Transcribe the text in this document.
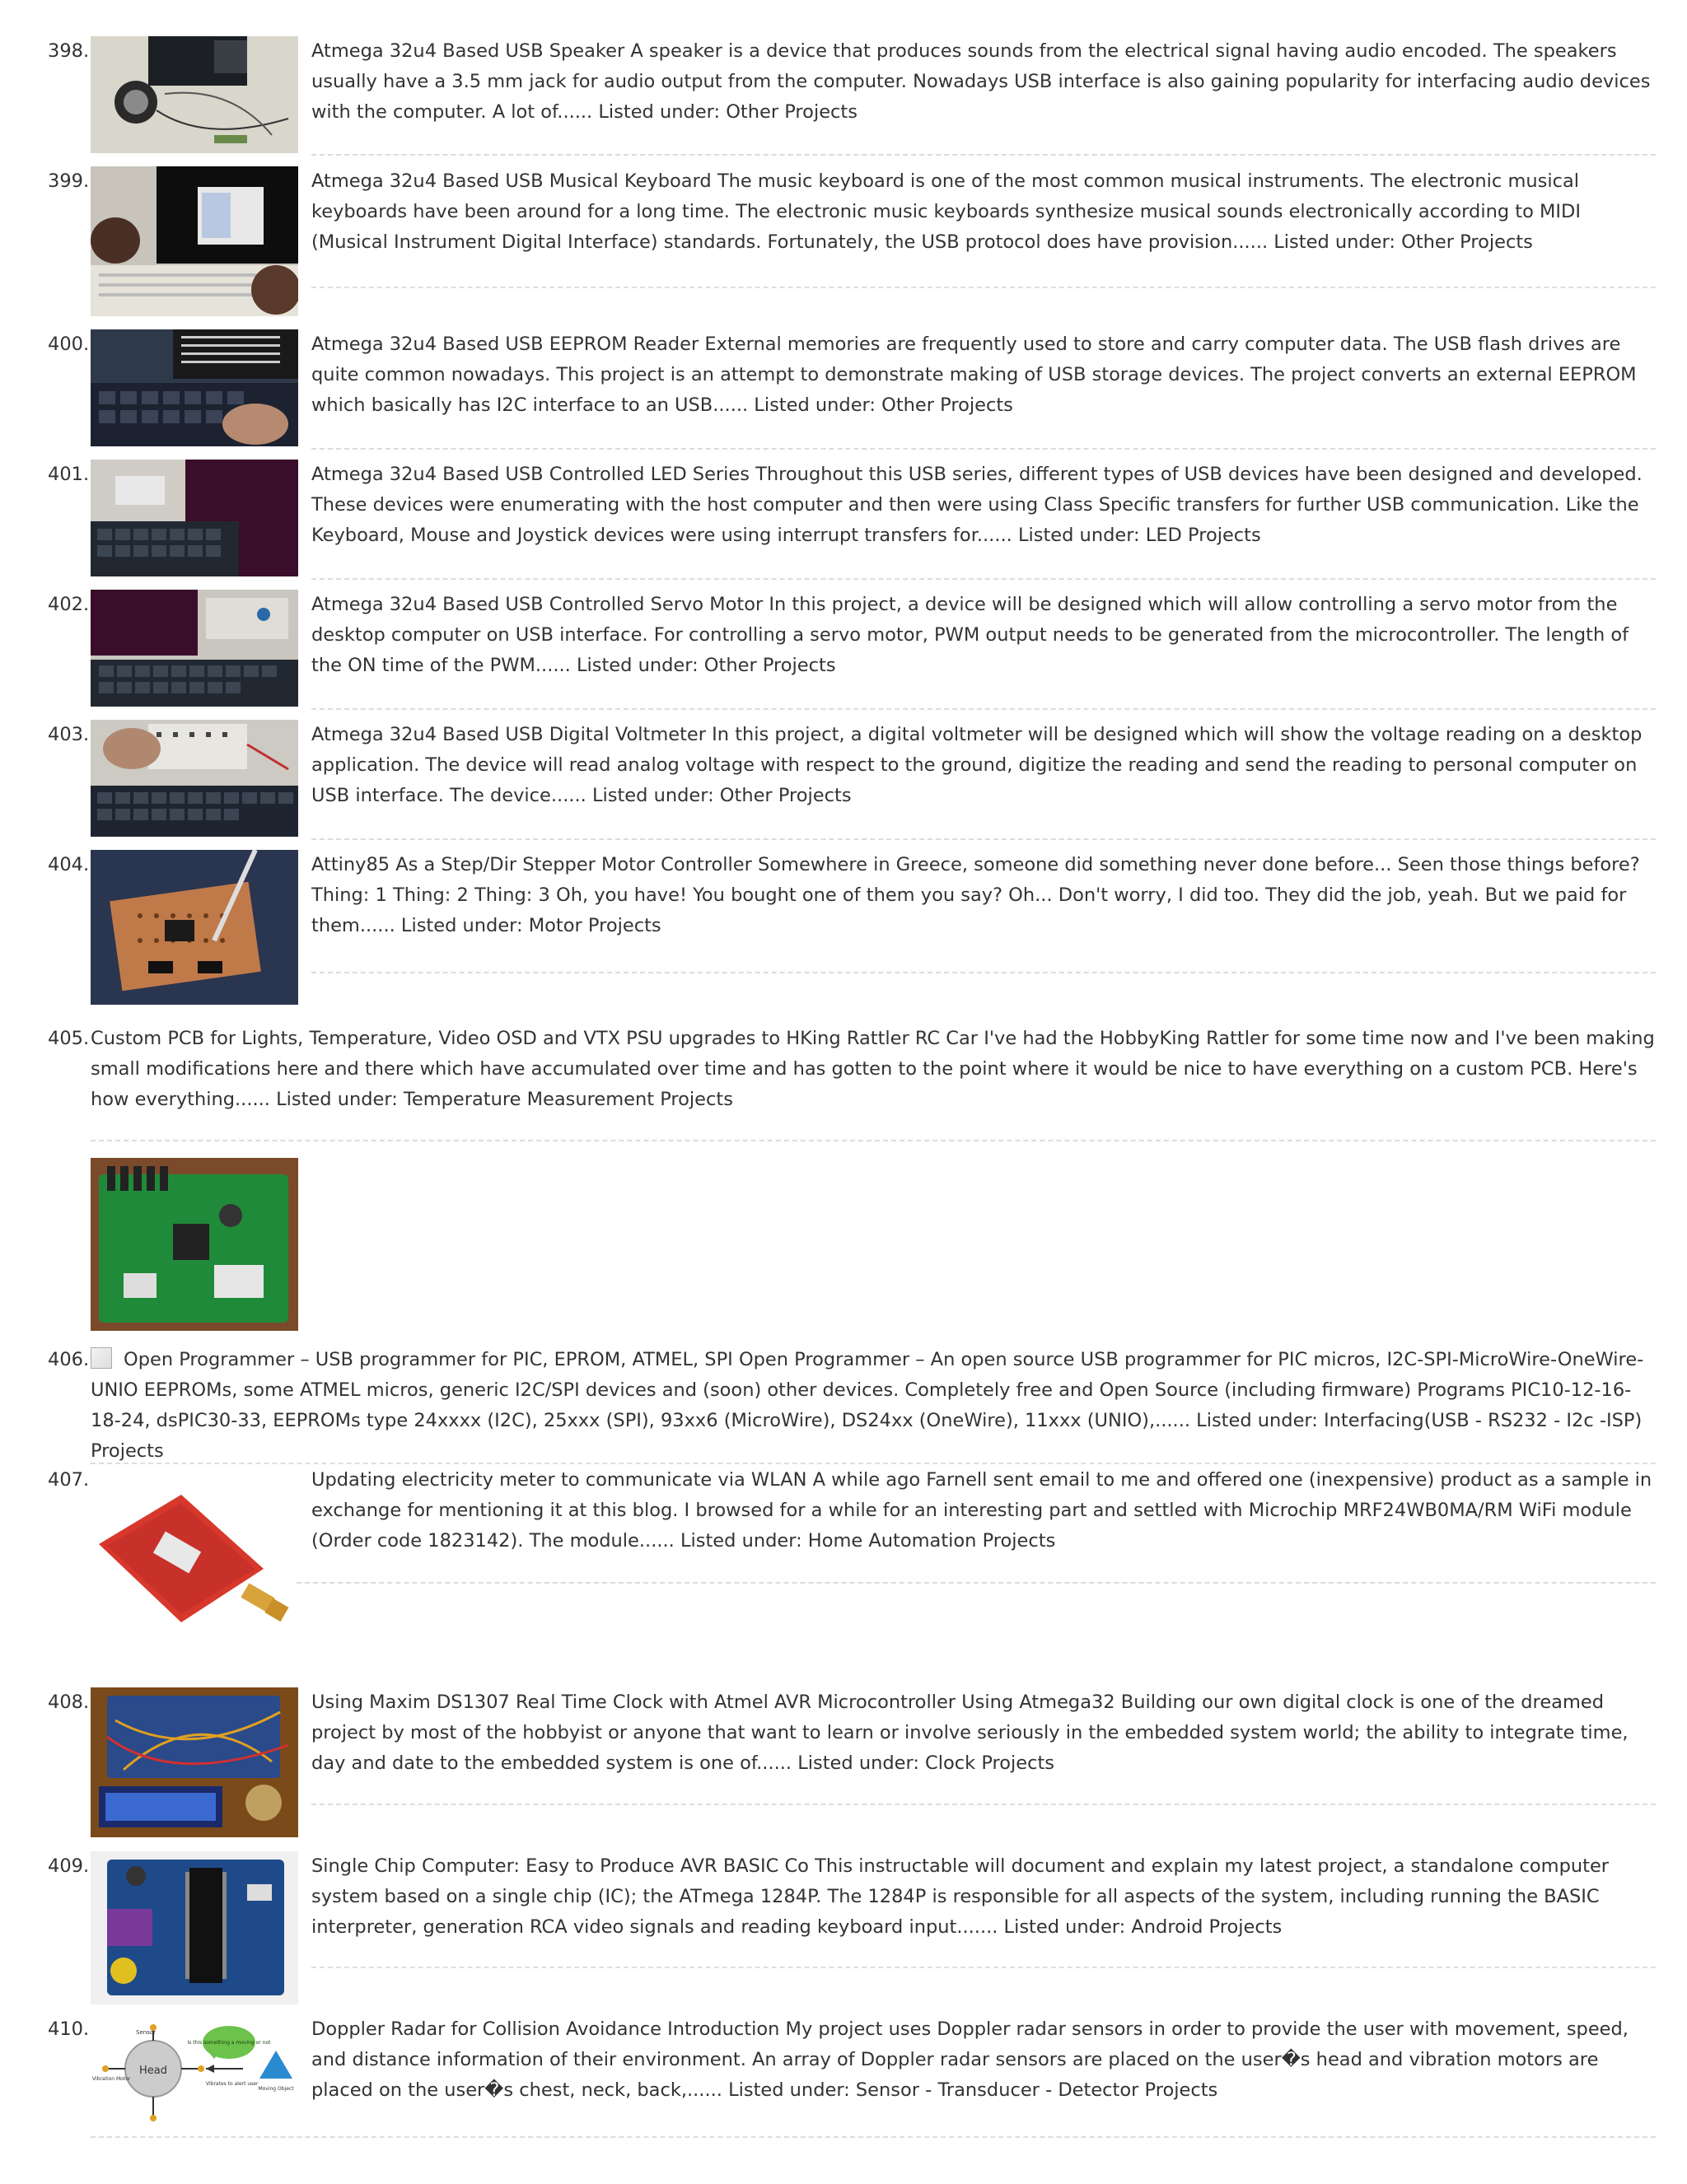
398.	Atmega 32u4 Based USB Speaker A speaker is a device that produces sounds from the electrical signal having audio encoded. The speakers usually have a 3.5 mm jack for audio output from the computer. Nowadays USB interface is also gaining popularity for interfacing audio devices with the computer. A lot of...... Listed under: Other Projects
399.	Atmega 32u4 Based USB Musical Keyboard The music keyboard is one of the most common musical instruments. The electronic musical keyboards have been around for a long time. The electronic music keyboards synthesize musical sounds electronically according to MIDI (Musical Instrument Digital Interface) standards. Fortunately, the USB protocol does have provision...... Listed under: Other Projects
400.	Atmega 32u4 Based USB EEPROM Reader External memories are frequently used to store and carry computer data. The USB flash drives are quite common nowadays. This project is an attempt to demonstrate making of USB storage devices. The project converts an external EEPROM which basically has I2C interface to an USB...... Listed under: Other Projects
401.	Atmega 32u4 Based USB Controlled LED Series Throughout this USB series, different types of USB devices have been designed and developed. These devices were enumerating with the host computer and then were using Class Specific transfers for further USB communication. Like the Keyboard, Mouse and Joystick devices were using interrupt transfers for...... Listed under: LED Projects
402.	Atmega 32u4 Based USB Controlled Servo Motor In this project, a device will be designed which will allow controlling a servo motor from the desktop computer on USB interface. For controlling a servo motor, PWM output needs to be generated from the microcontroller. The length of the ON time of the PWM...... Listed under: Other Projects
403.	Atmega 32u4 Based USB Digital Voltmeter In this project, a digital voltmeter will be designed which will show the voltage reading on a desktop application. The device will read analog voltage with respect to the ground, digitize the reading and send the reading to personal computer on USB interface. The device...... Listed under: Other Projects
404.	Attiny85 As a Step/Dir Stepper Motor Controller Somewhere in Greece, someone did something never done before... Seen those things before? Thing: 1 Thing: 2 Thing: 3 Oh, you have! You bought one of them you say? Oh... Don't worry, I did too. They did the job, yeah. But we paid for them...... Listed under: Motor Projects
405. Custom PCB for Lights, Temperature, Video OSD and VTX PSU upgrades to HKing Rattler RC Car I've had the HobbyKing Rattler for some time now and I've been making small modifications here and there which have accumulated over time and has gotten to the point where it would be nice to have everything on a custom PCB. Here's how everything...... Listed under: Temperature Measurement Projects
406.	Open Programmer – USB programmer for PIC, EPROM, ATMEL, SPI Open Programmer – An open source USB programmer for PIC micros, I2C-SPI-MicroWire-OneWire-UNIO EEPROMs, some ATMEL micros, generic I2C/SPI devices and (soon) other devices. Completely free and Open Source (including firmware) Programs PIC10-12-16-18-24, dsPIC30-33, EEPROMs type 24xxxx (I2C), 25xxx (SPI), 93xx6 (MicroWire), DS24xx (OneWire), 11xxx (UNIO),...... Listed under: Interfacing(USB - RS232 - I2c -ISP) Projects
407.	Updating electricity meter to communicate via WLAN A while ago Farnell sent email to me and offered one (inexpensive) product as a sample in exchange for mentioning it at this blog. I browsed for a while for an interesting part and settled with Microchip MRF24WB0MA/RM WiFi module (Order code 1823142). The module...... Listed under: Home Automation Projects
408.	Using Maxim DS1307 Real Time Clock with Atmel AVR Microcontroller Using Atmega32 Building our own digital clock is one of the dreamed project by most of the hobbyist or anyone that want to learn or involve seriously in the embedded system world; the ability to integrate time, day and date to the embedded system is one of...... Listed under: Clock Projects
409.	Single Chip Computer: Easy to Produce AVR BASIC Co This instructable will document and explain my latest project, a standalone computer system based on a single chip (IC); the ATmega 1284P. The 1284P is responsible for all aspects of the system, including running the BASIC interpreter, generation RCA video signals and reading keyboard input....... Listed under: Android Projects
410.
Head
Sensor
Vibration Motor
Is this something a moving or not
Vibrates to alert user
Moving Object
Doppler Radar for Collision Avoidance Introduction My project uses Doppler radar sensors in order to provide the user with movement, speed, and distance information of their environment. An array of Doppler radar sensors are placed on the user�s head and vibration motors are placed on the user�s chest, neck, back,...... Listed under: Sensor - Transducer - Detector Projects
